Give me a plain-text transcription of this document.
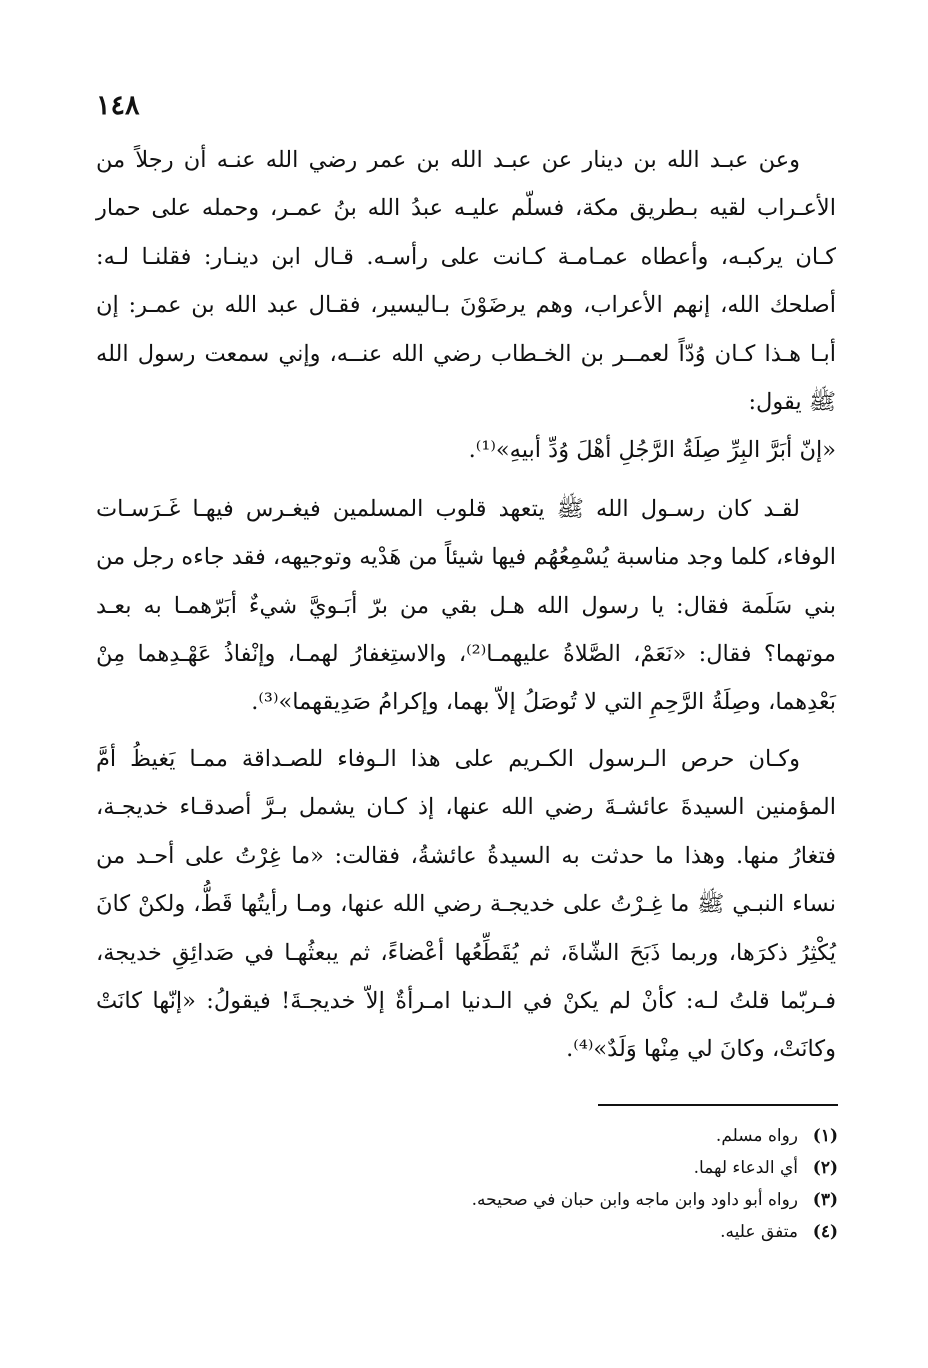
١٤٨

وعن عبـد الله بن دينار عن عبـد الله بن عمر رضي الله عنـه أن رجلاً من الأعـراب لقيه بـطريق مكة، فسلّم عليـه عبدُ الله بنُ عمـر، وحمله على حمار كـان يركبـه، وأعطاه عمـامـة كـانت على رأسـه. قـال ابن دينـار: فقلنـا لـه: أصلحك الله، إنهم الأعراب، وهم يرضَوْنَ بـاليسير، فقـال عبد الله بن عمـر: إن أبـا هـذا كـان وُدّاً لعمــر بن الخـطاب رضي الله عنــه، وإني سمعت رسول الله ﷺ يقول:

«إنّ أبَرَّ البِرِّ صِلَةُ الرَّجُلِ أهْلَ وُدِّ أبيهِ»⁽¹⁾.

لقـد كان رسـول الله ﷺ يتعهد قلوب المسلمين فيغـرس فيهـا غَـرَسـات الوفاء، كلما وجد مناسبة يُسْمِعُهُم فيها شيئاً من هَدْيه وتوجيهه، فقد جاءه رجل من بني سَلَمة فقال: يا رسول الله هـل بقي من برّ أبَـويَّ شيءٌ أبَرّهمـا به بعـد موتهما؟ فقال: «نَعَمْ، الصَّلاةُ عليهمـا⁽²⁾، والاستِغفارُ لهمـا، وإنْفاذُ عَهْـدِهما مِنْ بَعْدِهما، وصِلَةُ الرَّحِمِ التي لا تُوصَلُ إلاّ بهما، وإكرامُ صَدِيقهما»⁽³⁾.

وكـان حرص الـرسول الكـريم على هذا الـوفاء للصـداقة ممـا يَغيظُ أمَّ المؤمنين السيدةَ عائشـةَ رضي الله عنها، إذ كـان يشمل بـرَّ أصدقـاء خديجـة، فتغارُ منها. وهذا ما حدثت به السيدةُ عائشةُ، فقالت: «ما غِرْتُ على أحـد من نساء النبـي ﷺ ما غِـرْتُ على خديجـة رضي الله عنها، ومـا رأيتُها قَطُّ، ولكنْ كانَ يُكْثِرُ ذكرَها، وربما ذَبَحَ الشّاةَ، ثم يُقَطِّعُها أعْضاءً، ثم يبعثُهـا في صَدائِقِ خديجة، فـربّما قلتُ لـه: كأنْ لم يكنْ في الـدنيا امـرأةٌ إلاّ خديجـةَ! فيقولُ: «إنّها كانَتْ وكانَتْ، وكانَ لي مِنْها وَلَدٌ»⁽⁴⁾.

(١)
رواه مسلم.
(٢)
أي الدعاء لهما.
(٣)
رواه أبو داود وابن ماجه وابن حبان في صحيحه.
(٤)
متفق عليه.
